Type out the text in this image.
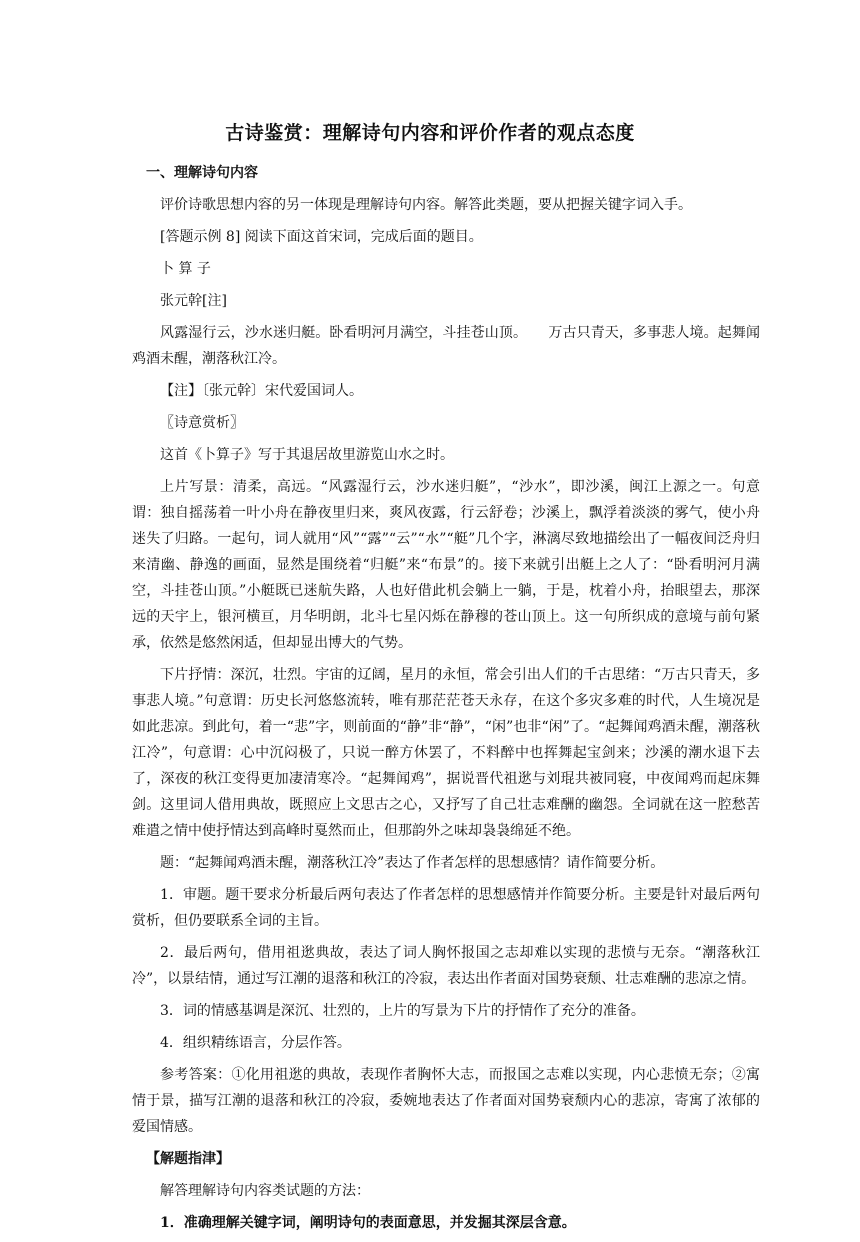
古诗鉴赏：理解诗句内容和评价作者的观点态度

一、理解诗句内容

评价诗歌思想内容的另一体现是理解诗句内容。解答此类题，要从把握关键字词入手。

[答题示例 8] 阅读下面这首宋词，完成后面的题目。

卜 算 子

张元幹[注]

风露湿行云，沙水迷归艇。卧看明河月满空，斗挂苍山顶。　　万古只青天，多事悲人境。起舞闻鸡酒未醒，潮落秋江冷。

【注】〔张元幹〕宋代爱国词人。

〖诗意赏析〗

这首《卜算子》写于其退居故里游览山水之时。

上片写景：清柔，高远。“风露湿行云，沙水迷归艇”，“沙水”，即沙溪，闽江上源之一。句意谓：独自摇荡着一叶小舟在静夜里归来，爽风夜露，行云舒卷；沙溪上，飘浮着淡淡的雾气，使小舟迷失了归路。一起句，词人就用“风”“露”“云”“水”“艇”几个字，淋漓尽致地描绘出了一幅夜间泛舟归来清幽、静逸的画面，显然是围绕着“归艇”来“布景”的。接下来就引出艇上之人了：“卧看明河月满空，斗挂苍山顶。”小艇既已迷航失路，人也好借此机会躺上一躺，于是，枕着小舟，抬眼望去，那深远的天宇上，银河横亘，月华明朗，北斗七星闪烁在静穆的苍山顶上。这一句所织成的意境与前句紧承，依然是悠然闲适，但却显出博大的气势。

下片抒情：深沉，壮烈。宇宙的辽阔，星月的永恒，常会引出人们的千古思绪：“万古只青天，多事悲人境。”句意谓：历史长河悠悠流转，唯有那茫茫苍天永存，在这个多灾多难的时代，人生境况是如此悲凉。到此句，着一“悲”字，则前面的“静”非“静”，“闲”也非“闲”了。“起舞闻鸡酒未醒，潮落秋江冷”，句意谓：心中沉闷极了，只说一醉方休罢了，不料醉中也挥舞起宝剑来；沙溪的潮水退下去了，深夜的秋江变得更加凄清寒冷。“起舞闻鸡”，据说晋代祖逖与刘琨共被同寝，中夜闻鸡而起床舞剑。这里词人借用典故，既照应上文思古之心，又抒写了自己壮志难酬的幽怨。全词就在这一腔愁苦难遣之情中使抒情达到高峰时戛然而止，但那韵外之味却袅袅绵延不绝。

题：“起舞闻鸡酒未醒，潮落秋江冷”表达了作者怎样的思想感情？请作简要分析。

1．审题。题干要求分析最后两句表达了作者怎样的思想感情并作简要分析。主要是针对最后两句赏析，但仍要联系全词的主旨。

2．最后两句，借用祖逖典故，表达了词人胸怀报国之志却难以实现的悲愤与无奈。“潮落秋江冷”，以景结情，通过写江潮的退落和秋江的冷寂，表达出作者面对国势衰颓、壮志难酬的悲凉之情。

3．词的情感基调是深沉、壮烈的，上片的写景为下片的抒情作了充分的准备。

4．组织精练语言，分层作答。

参考答案：①化用祖逖的典故，表现作者胸怀大志，而报国之志难以实现，内心悲愤无奈；②寓情于景，描写江潮的退落和秋江的冷寂，委婉地表达了作者面对国势衰颓内心的悲凉，寄寓了浓郁的爱国情感。

【解题指津】

解答理解诗句内容类试题的方法：

1．准确理解关键字词，阐明诗句的表面意思，并发掘其深层含意。
